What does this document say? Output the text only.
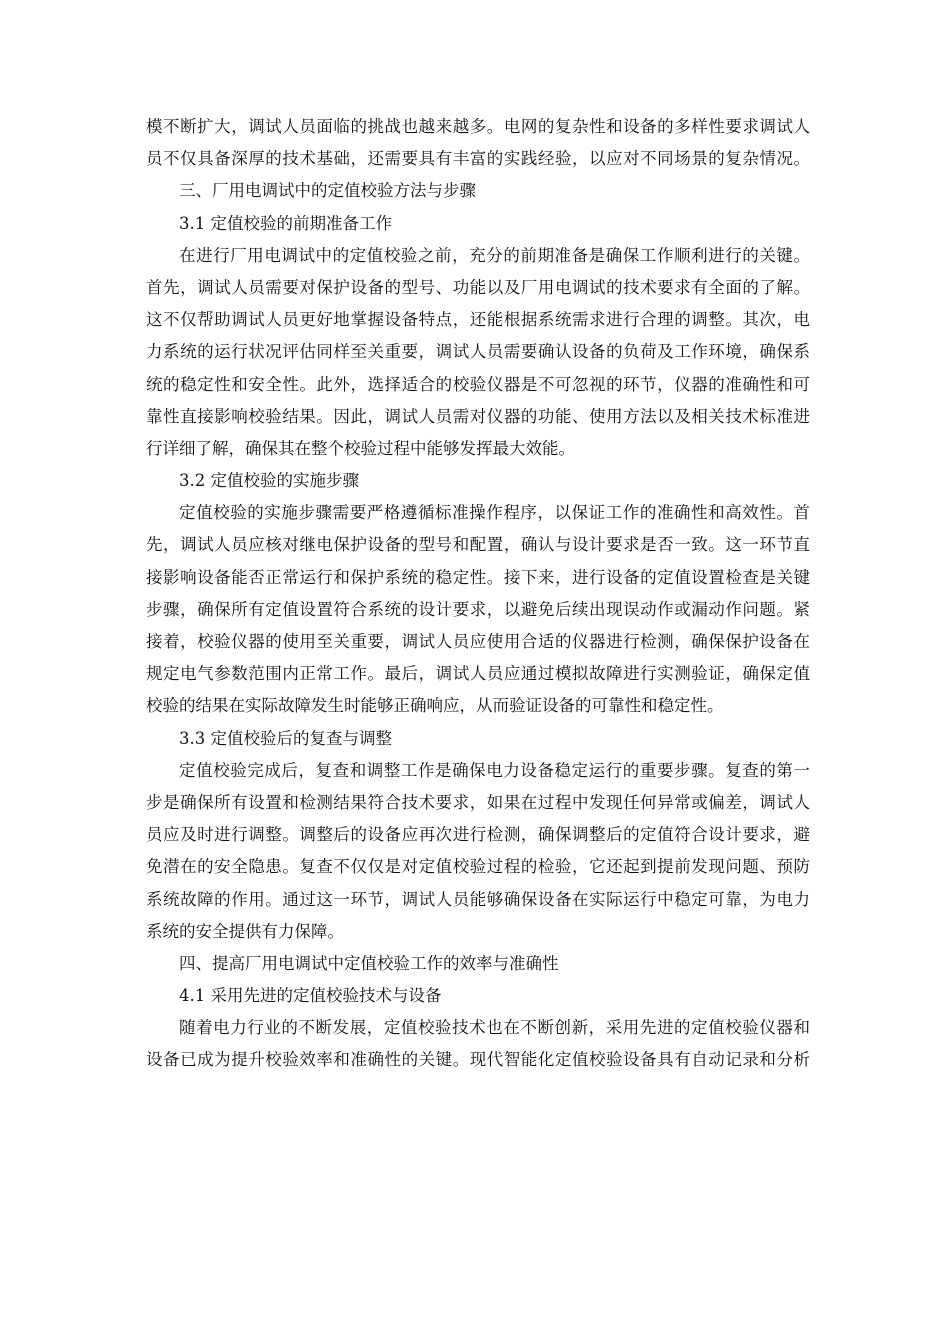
模不断扩大，调试人员面临的挑战也越来越多。电网的复杂性和设备的多样性要求调试人
员不仅具备深厚的技术基础，还需要具有丰富的实践经验，以应对不同场景的复杂情况。
三、厂用电调试中的定值校验方法与步骤
3.1 定值校验的前期准备工作
在进行厂用电调试中的定值校验之前，充分的前期准备是确保工作顺利进行的关键。
首先，调试人员需要对保护设备的型号、功能以及厂用电调试的技术要求有全面的了解。
这不仅帮助调试人员更好地掌握设备特点，还能根据系统需求进行合理的调整。其次，电
力系统的运行状况评估同样至关重要，调试人员需要确认设备的负荷及工作环境，确保系
统的稳定性和安全性。此外，选择适合的校验仪器是不可忽视的环节，仪器的准确性和可
靠性直接影响校验结果。因此，调试人员需对仪器的功能、使用方法以及相关技术标准进
行详细了解，确保其在整个校验过程中能够发挥最大效能。
3.2 定值校验的实施步骤
定值校验的实施步骤需要严格遵循标准操作程序，以保证工作的准确性和高效性。首
先，调试人员应核对继电保护设备的型号和配置，确认与设计要求是否一致。这一环节直
接影响设备能否正常运行和保护系统的稳定性。接下来，进行设备的定值设置检查是关键
步骤，确保所有定值设置符合系统的设计要求，以避免后续出现误动作或漏动作问题。紧
接着，校验仪器的使用至关重要，调试人员应使用合适的仪器进行检测，确保保护设备在
规定电气参数范围内正常工作。最后，调试人员应通过模拟故障进行实测验证，确保定值
校验的结果在实际故障发生时能够正确响应，从而验证设备的可靠性和稳定性。
3.3 定值校验后的复查与调整
定值校验完成后，复查和调整工作是确保电力设备稳定运行的重要步骤。复查的第一
步是确保所有设置和检测结果符合技术要求，如果在过程中发现任何异常或偏差，调试人
员应及时进行调整。调整后的设备应再次进行检测，确保调整后的定值符合设计要求，避
免潜在的安全隐患。复查不仅仅是对定值校验过程的检验，它还起到提前发现问题、预防
系统故障的作用。通过这一环节，调试人员能够确保设备在实际运行中稳定可靠，为电力
系统的安全提供有力保障。
四、提高厂用电调试中定值校验工作的效率与准确性
4.1 采用先进的定值校验技术与设备
随着电力行业的不断发展，定值校验技术也在不断创新，采用先进的定值校验仪器和
设备已成为提升校验效率和准确性的关键。现代智能化定值校验设备具有自动记录和分析
